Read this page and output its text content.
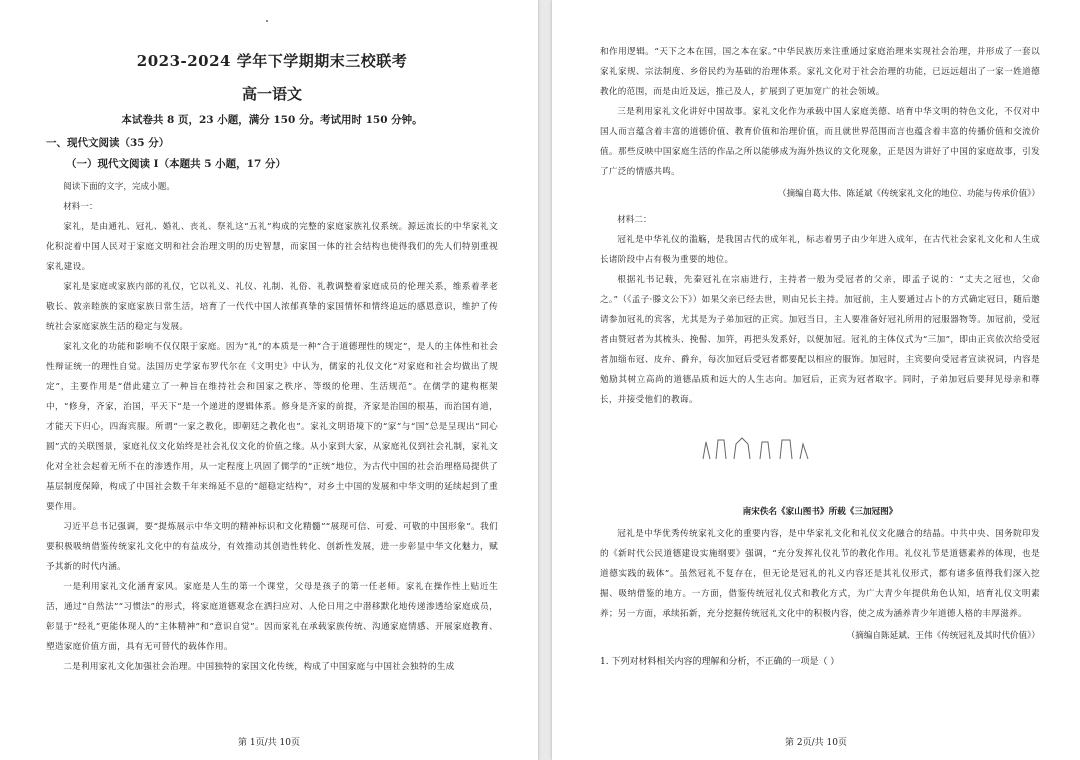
2023-2024 学年下学期期末三校联考
高一语文
本试卷共 8 页，23 小题，满分 150 分。考试用时 150 分钟。
一、现代文阅读（35 分）
（一）现代文阅读 I（本题共 5 小题，17 分）

阅读下面的文字，完成小题。

材料一：

家礼，是由通礼、冠礼、婚礼、丧礼、祭礼这“五礼”构成的完整的家庭家族礼仪系统。源远流长的中华家礼文化积淀着中国人民对于家庭文明和社会治理文明的历史智慧，而家国一体的社会结构也使得我们的先人们特别重视家礼建设。

家礼是家庭或家族内部的礼仪，它以礼义、礼仪、礼制、礼俗、礼教调整着家庭成员的伦理关系，维系着孝老敬长、敦亲睦族的家庭家族日常生活，培育了一代代中国人浓郁真挚的家国情怀和情终追远的感恩意识，维护了传统社会家庭家族生活的稳定与发展。

家礼文化的功能和影响不仅仅限于家庭。因为“礼”的本质是一种“合于道德理性的规定”，是人的主体性和社会性辩证统一的理性自觉。法国历史学家布罗代尔在《文明史》中认为，儒家的礼仪文化“对家庭和社会均做出了规定”，主要作用是“借此建立了一种旨在维持社会和国家之秩序、等级的伦理、生活规范”。在儒学的建构框架中，“修身，齐家，治国，平天下”是一个递进的逻辑体系。修身是齐家的前提，齐家是治国的根基，而治国有道，才能天下归心，四海宾服。所谓“一家之教化，即朝廷之教化也”。家礼文明语境下的“家”与“国”总是呈现出“同心圆”式的关联图景，家庭礼仪文化始终是社会礼仪文化的价值之缘。从小家到大家，从家庭礼仪到社会礼制，家礼文化对全社会起着无所不在的渗透作用，从一定程度上巩固了儒学的“正统”地位，为古代中国的社会治理格局提供了基层制度保障，构成了中国社会数千年来绵延不息的“超稳定结构”，对乡土中国的发展和中华文明的延续起到了重要作用。

习近平总书记强调，要“提炼展示中华文明的精神标识和文化精髓”“展现可信、可爱、可敬的中国形象”。我们要积极吸纳借鉴传统家礼文化中的有益成分，有效推动其创造性转化、创新性发展，进一步彰显中华文化魅力，赋予其新的时代内涵。

一是利用家礼文化涵育家风。家庭是人生的第一个课堂，父母是孩子的第一任老师。家礼在操作性上贴近生活，通过“自然法”“习惯法”的形式，将家庭道德观念在洒扫应对、人伦日用之中潜移默化地传递渗透给家庭成员，彰显于“经礼”更能体现人的“主体精神”和“意识自觉”。因而家礼在承载家族传统、沟通家庭情感、开展家庭教育、塑造家庭价值方面，具有无可替代的载体作用。

二是利用家礼文化加强社会治理。中国独特的家国文化传统，构成了中国家庭与中国社会独特的生成

第 1页/共 10页

和作用逻辑。“天下之本在国，国之本在家。”中华民族历来注重通过家庭治理来实现社会治理，并形成了一套以家礼家规、宗法制度、乡俗民约为基础的治理体系。家礼文化对于社会治理的功能，已远远超出了一家一姓道德教化的范围，而是由近及远，推己及人，扩展到了更加宽广的社会领域。

三是利用家礼文化讲好中国故事。家礼文化作为承载中国人家庭美德、培育中华文明的特色文化，不仅对中国人而言蕴含着丰富的道德价值、教育价值和治理价值，而且就世界范围而言也蕴含着丰富的传播价值和交流价值。那些反映中国家庭生活的作品之所以能够成为海外热议的文化现象，正是因为讲好了中国的家庭故事，引发了广泛的情感共鸣。

（摘编自葛大伟、陈延斌《传统家礼文化的地位、功能与传承价值》）

材料二：

冠礼是中华礼仪的滥觞，是我国古代的成年礼，标志着男子由少年进入成年，在古代社会家礼文化和人生成长诸阶段中占有极为重要的地位。

根据礼书记载，先秦冠礼在宗庙进行，主持者一般为受冠者的父亲，即孟子说的：“丈夫之冠也，父命之。”（《孟子·滕文公下》）如果父亲已经去世，则由兄长主持。加冠前，主人要通过占卜的方式确定冠日，随后邀请参加冠礼的宾客，尤其是为子弟加冠的正宾。加冠当日，主人要准备好冠礼所用的冠服器物等。加冠前，受冠者由赞冠者为其梳头、挽髻、加笄，再把头发系好，以便加冠。冠礼的主体仪式为“三加”，即由正宾依次给受冠者加缁布冠、皮弁、爵弁，每次加冠后受冠者都要配以相应的服饰。加冠时，主宾要向受冠者宣读祝词，内容是勉励其树立高尚的道德品质和远大的人生志向。加冠后，正宾为冠者取字。同时，子弟加冠后要拜见母亲和尊长，并接受他们的教诲。

南宋佚名《家山图书》所载《三加冠图》

冠礼是中华优秀传统家礼文化的重要内容，是中华家礼文化和礼仪文化融合的结晶。中共中央、国务院印发的《新时代公民道德建设实施纲要》强调，“充分发挥礼仪礼节的教化作用。礼仪礼节是道德素养的体现，也是道德实践的载体”。虽然冠礼不复存在，但无论是冠礼的礼义内容还是其礼仪形式，都有诸多值得我们深入挖掘、吸纳借鉴的地方。一方面，借鉴传统冠礼仪式和教化方式，为广大青少年提供角色认知，培育礼仪文明素养；另一方面，承续拓新，充分挖掘传统冠礼文化中的积极内容，使之成为涵养青少年道德人格的丰厚滋养。

（摘编自陈延斌、王伟《传统冠礼及其时代价值》）

1. 下列对材料相关内容的理解和分析，不正确的一项是（ ）

第 2页/共 10页
